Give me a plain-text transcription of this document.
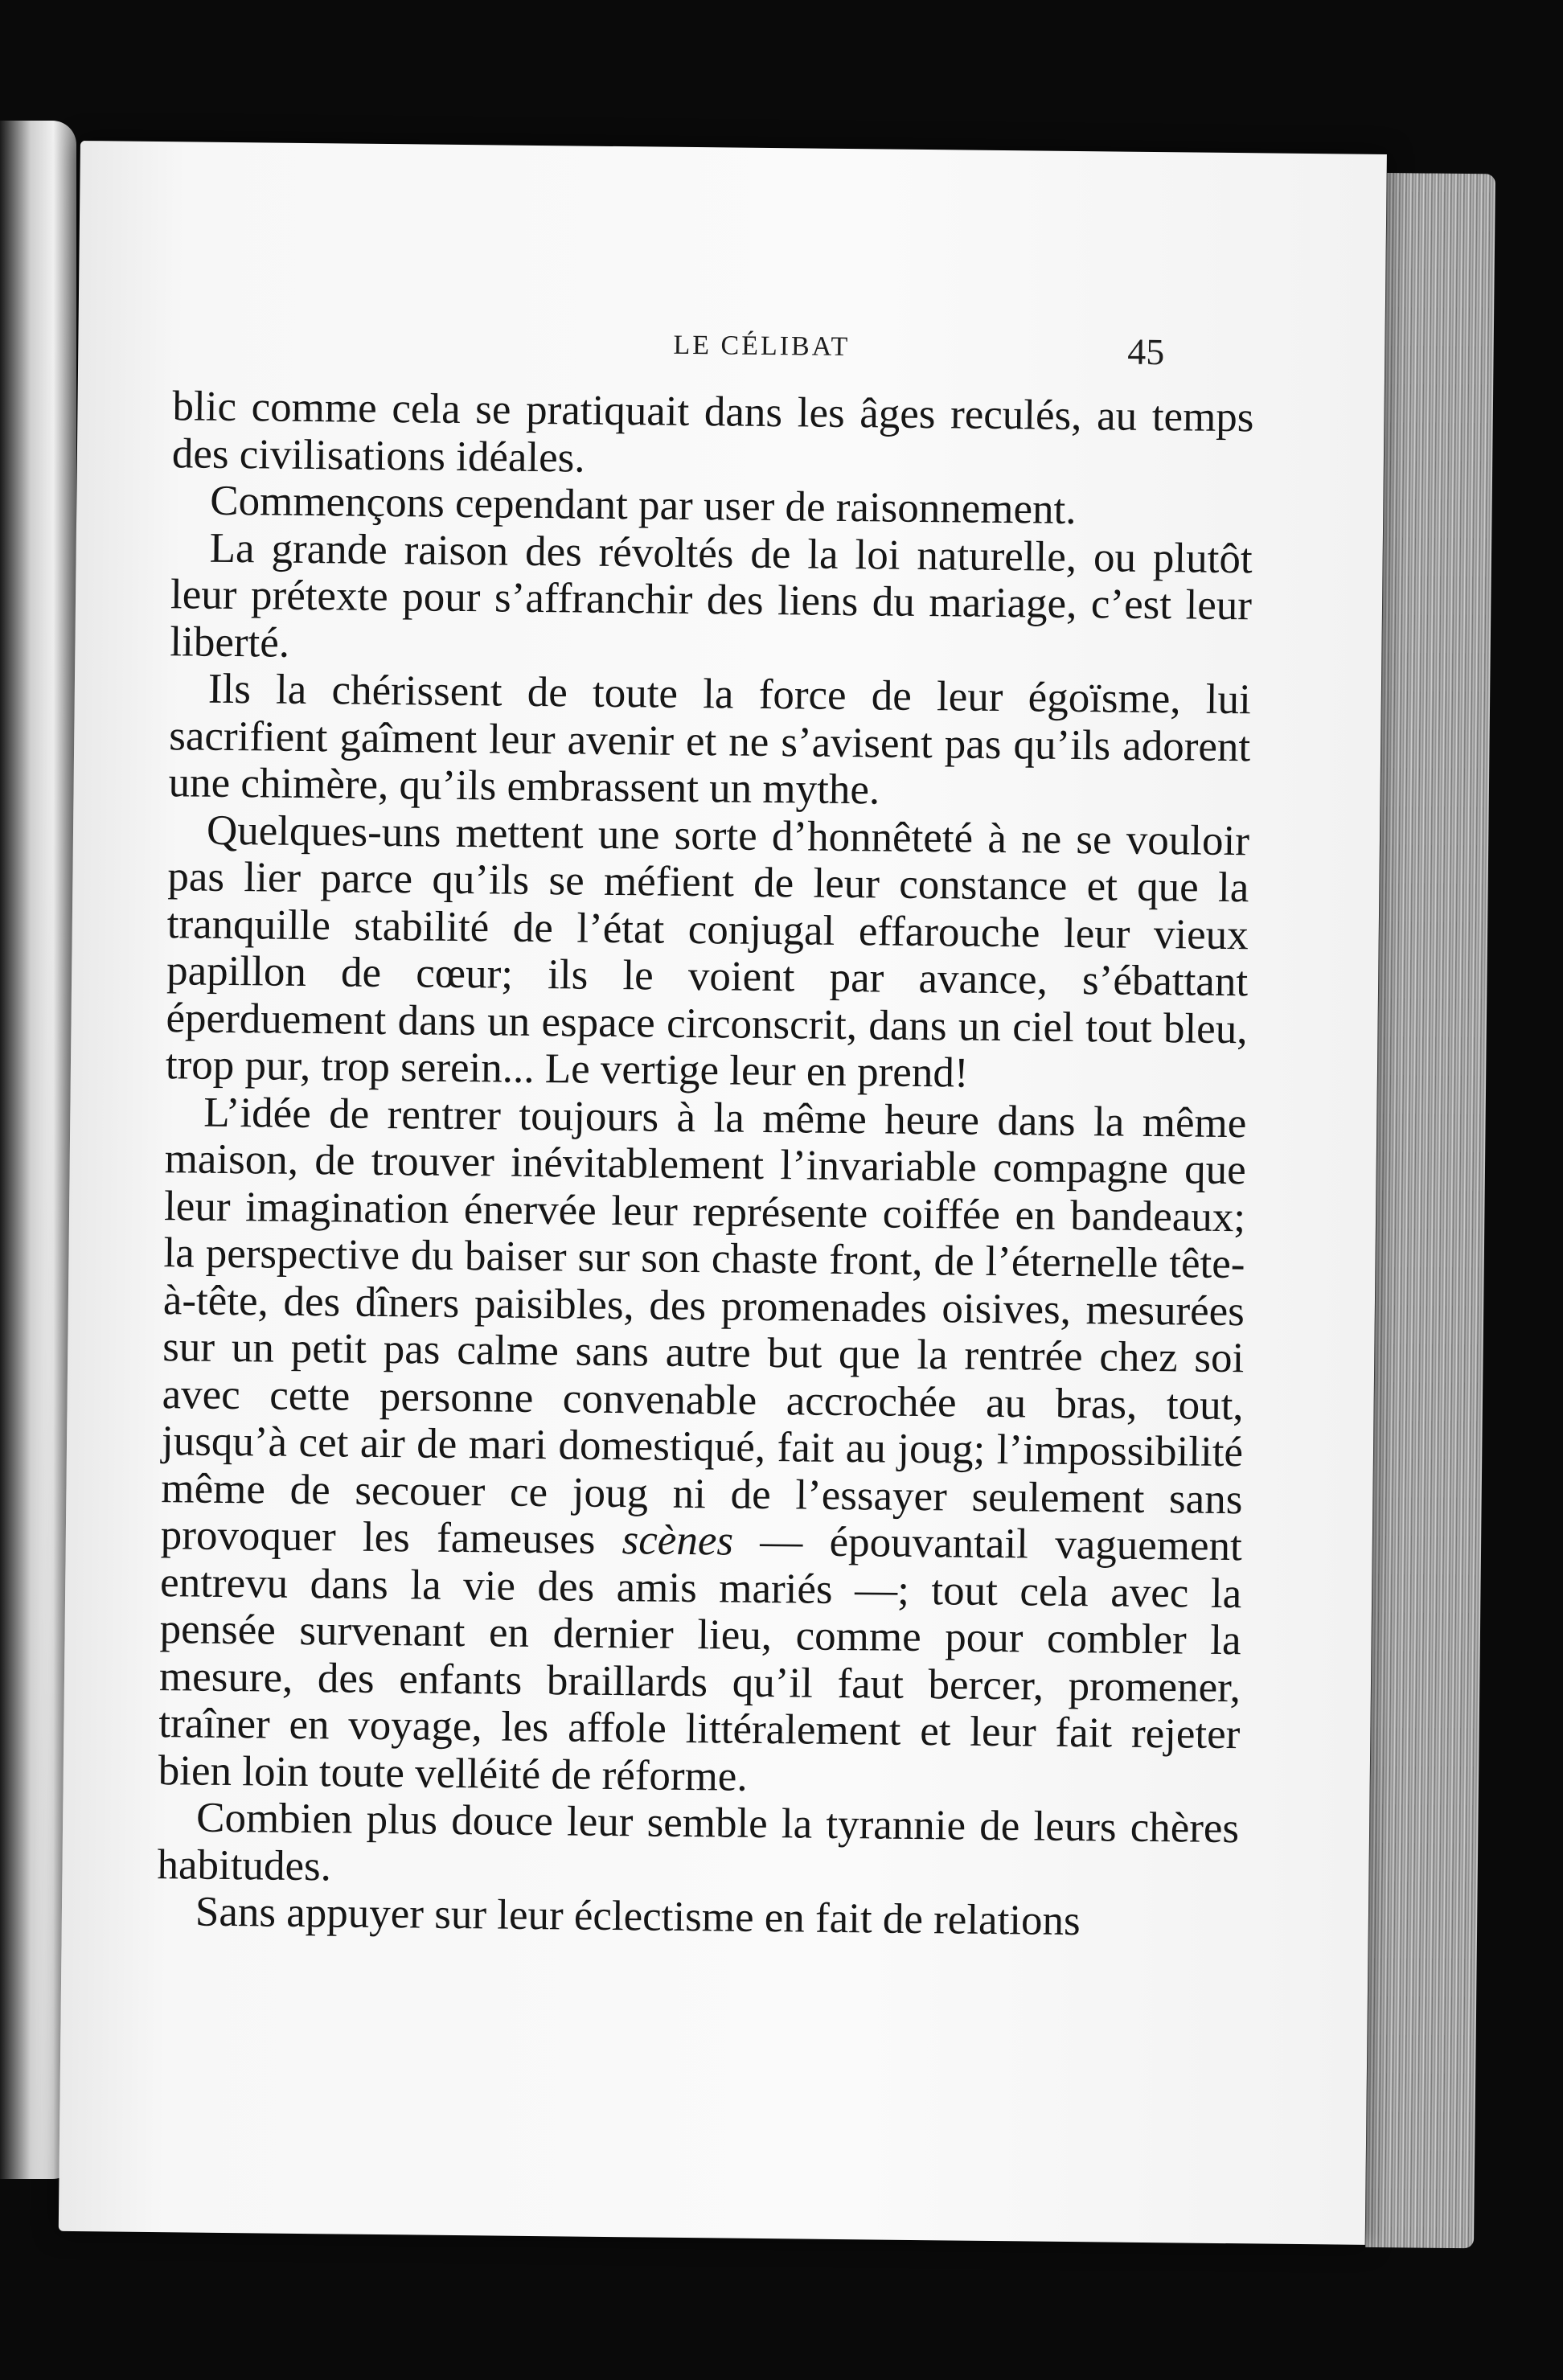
LE CÉLIBAT	45

blic comme cela se pratiquait dans les âges reculés, au temps des civilisations idéales.

Commençons cependant par user de raisonnement.

La grande raison des révoltés de la loi naturelle, ou plutôt leur prétexte pour s’affranchir des liens du mariage, c’est leur liberté.

Ils la chérissent de toute la force de leur égoïsme, lui sacrifient gaîment leur avenir et ne s’avisent pas qu’ils adorent une chimère, qu’ils embrassent un mythe.

Quelques-uns mettent une sorte d’honnêteté à ne se vouloir pas lier parce qu’ils se méfient de leur constance et que la tranquille stabilité de l’état conjugal effarouche leur vieux papillon de cœur; ils le voient par avance, s’ébattant éperduement dans un espace circonscrit, dans un ciel tout bleu, trop pur, trop serein... Le vertige leur en prend!

L’idée de rentrer toujours à la même heure dans la même maison, de trouver inévitablement l’invariable compagne que leur imagination énervée leur représente coiffée en bandeaux; la perspective du baiser sur son chaste front, de l’éternelle tête-à-tête, des dîners paisibles, des promenades oisives, mesurées sur un petit pas calme sans autre but que la rentrée chez soi avec cette personne convenable accrochée au bras, tout, jusqu’à cet air de mari domestiqué, fait au joug; l’impossibilité même de secouer ce joug ni de l’essayer seulement sans provoquer les fameuses scènes — épouvantail vaguement entrevu dans la vie des amis mariés —; tout cela avec la pensée survenant en dernier lieu, comme pour combler la mesure, des enfants braillards qu’il faut bercer, promener, traîner en voyage, les affole littéralement et leur fait rejeter bien loin toute velléité de réforme.

Combien plus douce leur semble la tyrannie de leurs chères habitudes.

Sans appuyer sur leur éclectisme en fait de relations
